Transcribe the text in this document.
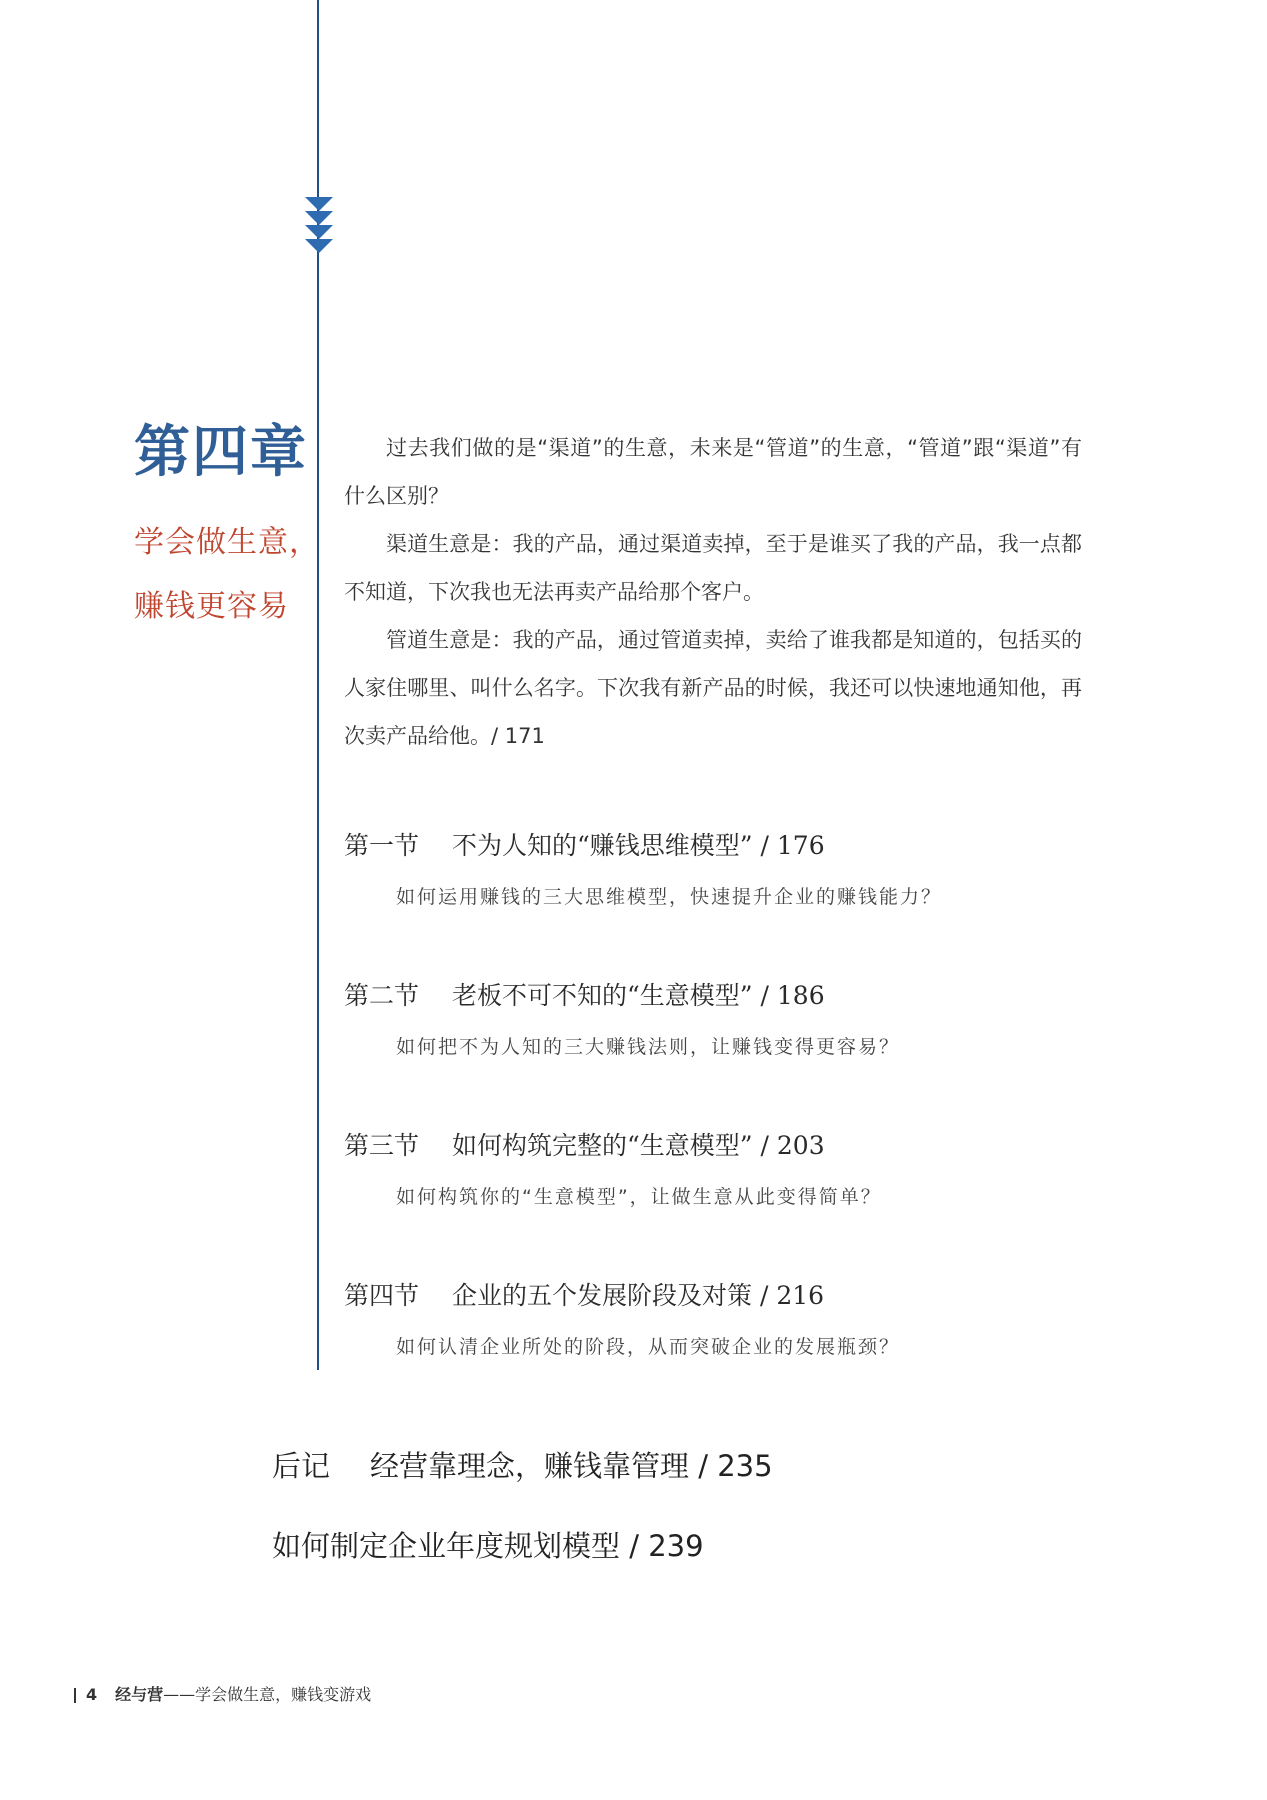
第四章
学会做生意，
赚钱更容易

过去我们做的是“渠道”的生意，未来是“管道”的生意，“管道”跟“渠道”有什么区别？

渠道生意是：我的产品，通过渠道卖掉，至于是谁买了我的产品，我一点都不知道，下次我也无法再卖产品给那个客户。

管道生意是：我的产品，通过管道卖掉，卖给了谁我都是知道的，包括买的人家住哪里、叫什么名字。下次我有新产品的时候，我还可以快速地通知他，再次卖产品给他。/ 171

第一节 不为人知的“赚钱思维模型” / 176
如何运用赚钱的三大思维模型，快速提升企业的赚钱能力？
第二节 老板不可不知的“生意模型” / 186
如何把不为人知的三大赚钱法则，让赚钱变得更容易？
第三节 如何构筑完整的“生意模型” / 203
如何构筑你的“生意模型”，让做生意从此变得简单？
第四节 企业的五个发展阶段及对策 / 216
如何认清企业所处的阶段，从而突破企业的发展瓶颈？
后记 经营靠理念，赚钱靠管理 / 235
如何制定企业年度规划模型 / 239
4 经与营——学会做生意，赚钱变游戏
